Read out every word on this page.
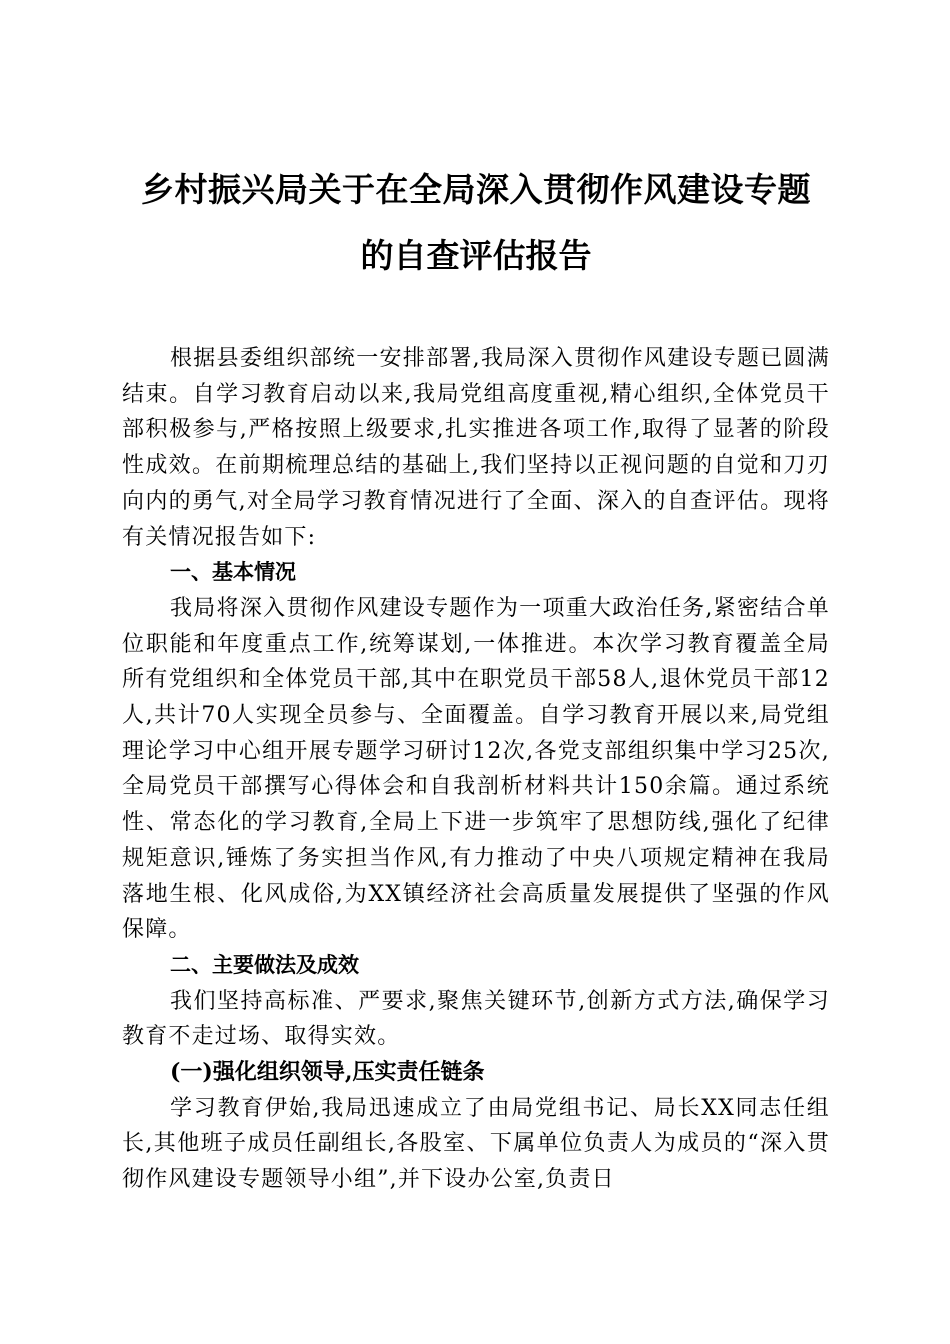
乡村振兴局关于在全局深入贯彻作风建设专题
的自查评估报告

根据县委组织部统一安排部署,我局深入贯彻作风建设专题已圆满结束。自学习教育启动以来,我局党组高度重视,精心组织,全体党员干部积极参与,严格按照上级要求,扎实推进各项工作,取得了显著的阶段性成效。在前期梳理总结的基础上,我们坚持以正视问题的自觉和刀刃向内的勇气,对全局学习教育情况进行了全面、深入的自查评估。现将有关情况报告如下:

一、基本情况

我局将深入贯彻作风建设专题作为一项重大政治任务,紧密结合单位职能和年度重点工作,统筹谋划,一体推进。本次学习教育覆盖全局所有党组织和全体党员干部,其中在职党员干部58人,退休党员干部12人,共计70人实现全员参与、全面覆盖。自学习教育开展以来,局党组理论学习中心组开展专题学习研讨12次,各党支部组织集中学习25次,全局党员干部撰写心得体会和自我剖析材料共计150余篇。通过系统性、常态化的学习教育,全局上下进一步筑牢了思想防线,强化了纪律规矩意识,锤炼了务实担当作风,有力推动了中央八项规定精神在我局落地生根、化风成俗,为XX镇经济社会高质量发展提供了坚强的作风保障。

二、主要做法及成效

我们坚持高标准、严要求,聚焦关键环节,创新方式方法,确保学习教育不走过场、取得实效。

(一)强化组织领导,压实责任链条

学习教育伊始,我局迅速成立了由局党组书记、局长XX同志任组长,其他班子成员任副组长,各股室、下属单位负责人为成员的“深入贯彻作风建设专题领导小组”,并下设办公室,负责日
